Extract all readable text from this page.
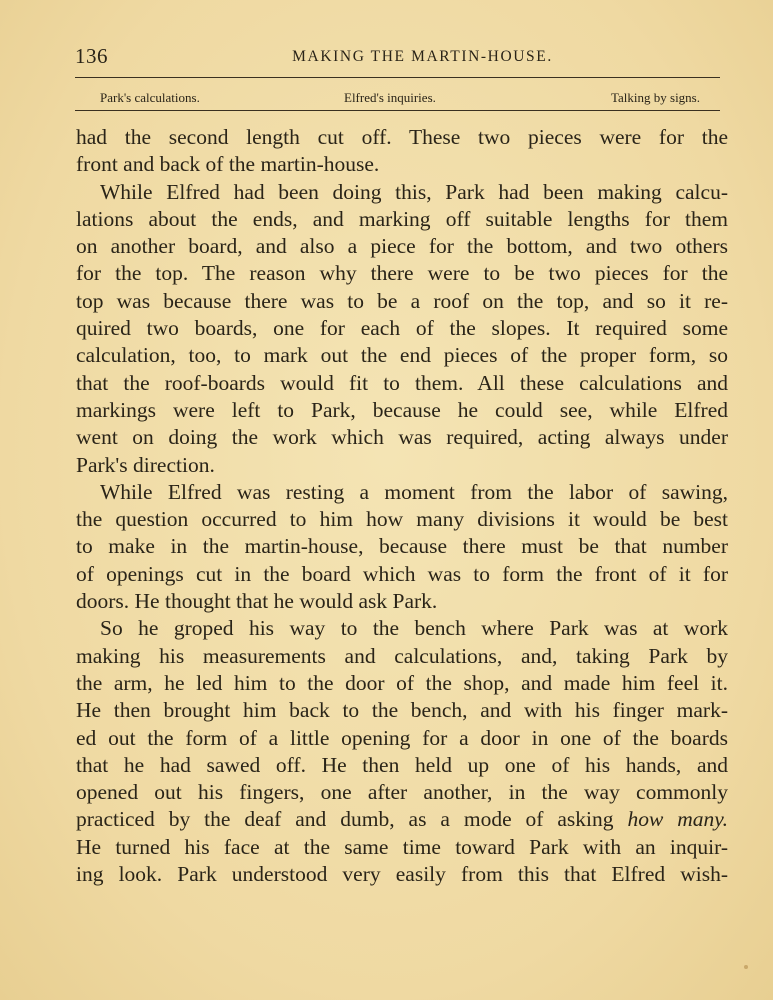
136	MAKING THE MARTIN-HOUSE.
Park's calculations.	Elfred's inquiries.	Talking by signs.
had the second length cut off. These two pieces were for the
front and back of the martin-house.
While Elfred had been doing this, Park had been making calcu-
lations about the ends, and marking off suitable lengths for them
on another board, and also a piece for the bottom, and two others
for the top. The reason why there were to be two pieces for the
top was because there was to be a roof on the top, and so it re-
quired two boards, one for each of the slopes. It required some
calculation, too, to mark out the end pieces of the proper form, so
that the roof-boards would fit to them. All these calculations and
markings were left to Park, because he could see, while Elfred
went on doing the work which was required, acting always under
Park's direction.
While Elfred was resting a moment from the labor of sawing,
the question occurred to him how many divisions it would be best
to make in the martin-house, because there must be that number
of openings cut in the board which was to form the front of it for
doors. He thought that he would ask Park.
So he groped his way to the bench where Park was at work
making his measurements and calculations, and, taking Park by
the arm, he led him to the door of the shop, and made him feel it.
He then brought him back to the bench, and with his finger mark-
ed out the form of a little opening for a door in one of the boards
that he had sawed off. He then held up one of his hands, and
opened out his fingers, one after another, in the way commonly
practiced by the deaf and dumb, as a mode of asking how many.
He turned his face at the same time toward Park with an inquir-
ing look. Park understood very easily from this that Elfred wish-
